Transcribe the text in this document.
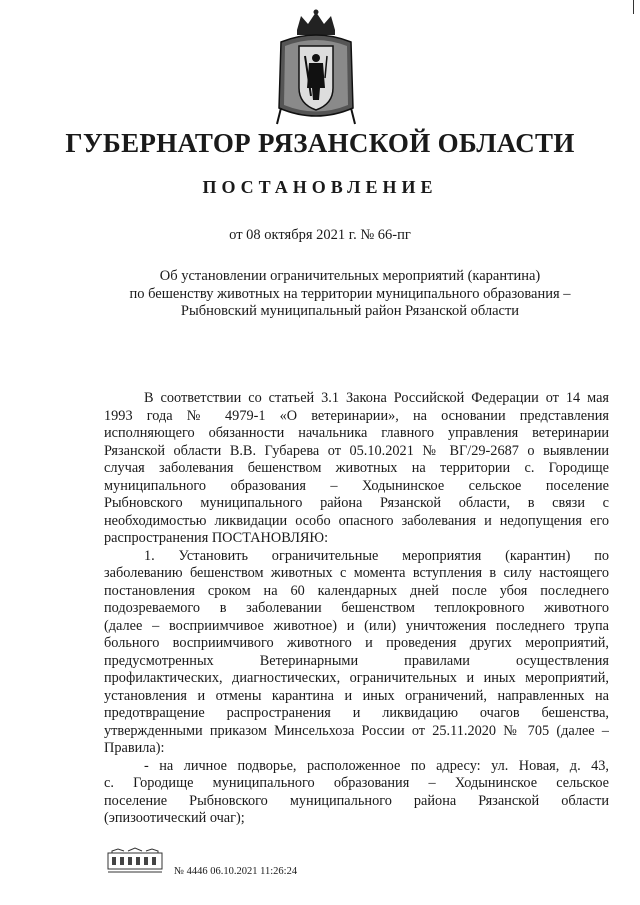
ГУБЕРНАТОР РЯЗАНСКОЙ ОБЛАСТИ
ПОСТАНОВЛЕНИЕ
от 08 октября 2021 г. № 66-пг
Об установлении ограничительных мероприятий (карантина)
по бешенству животных на территории муниципального образования –
Рыбновский муниципальный район Рязанской области
В соответствии со статьей 3.1 Закона Российской Федерации от 14 мая
1993 года № 4979-1 «О ветеринарии», на основании представления
исполняющего обязанности начальника главного управления ветеринарии
Рязанской области В.В. Губарева от 05.10.2021 № ВГ/29-2687 о выявлении
случая заболевания бешенством животных на территории с. Городище
муниципального образования – Ходынинское сельское поселение
Рыбновского муниципального района Рязанской области, в связи с
необходимостью ликвидации особо опасного заболевания и недопущения его
распространения ПОСТАНОВЛЯЮ:
1. Установить ограничительные мероприятия (карантин) по
заболеванию бешенством животных с момента вступления в силу настоящего
постановления сроком на 60 календарных дней после убоя последнего
подозреваемого в заболевании бешенством теплокровного животного
(далее – восприимчивое животное) и (или) уничтожения последнего трупа
больного восприимчивого животного и проведения других мероприятий,
предусмотренных Ветеринарными правилами осуществления
профилактических, диагностических, ограничительных и иных мероприятий,
установления и отмены карантина и иных ограничений, направленных на
предотвращение распространения и ликвидацию очагов бешенства,
утвержденными приказом Минсельхоза России от 25.11.2020 № 705 (далее –
Правила):
- на личное подворье, расположенное по адресу: ул. Новая, д. 43,
с. Городище муниципального образования – Ходынинское сельское
поселение Рыбновского муниципального района Рязанской области
(эпизоотический очаг);
№ 4446 06.10.2021 11:26:24
